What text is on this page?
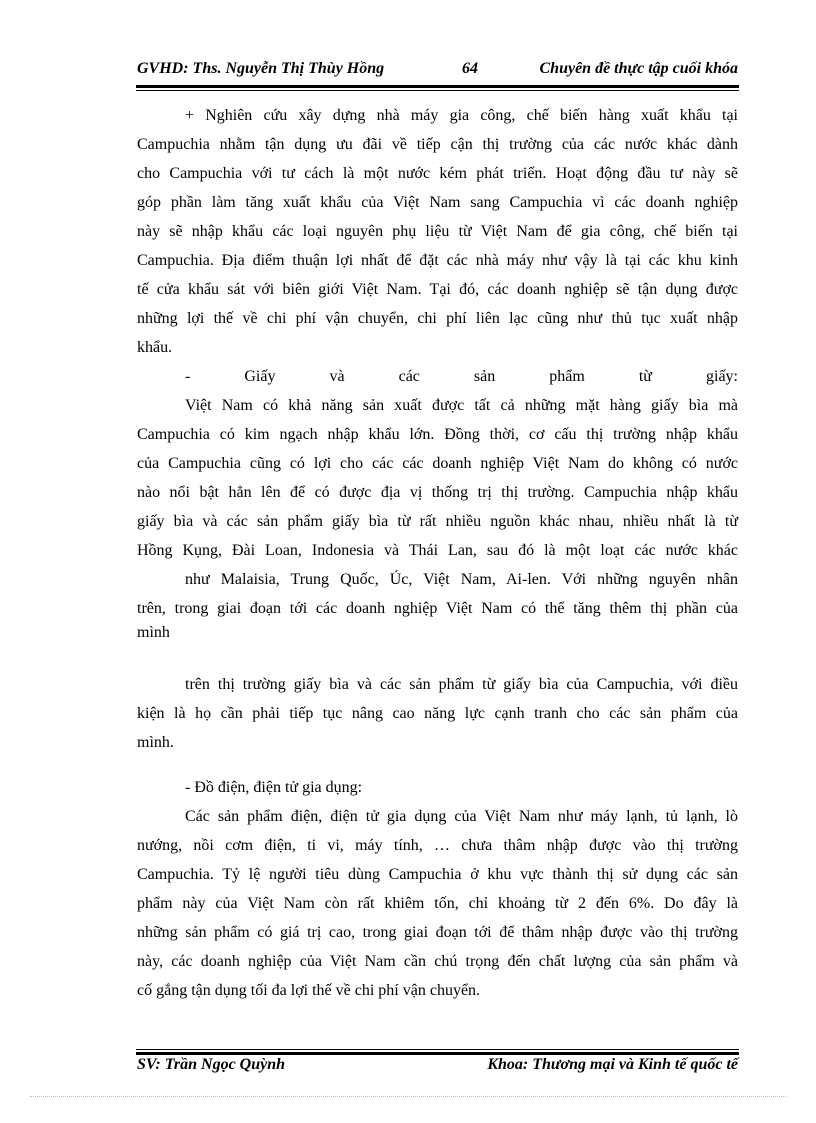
GVHD: Ths. Nguyễn Thị Thùy Hồng	64	Chuyên đề thực tập cuối khóa
+ Nghiên cứu xây dựng nhà máy gia công, chế biến hàng xuất khẩu tại
Campuchia nhằm tận dụng ưu đãi về tiếp cận thị trường của các nước khác dành
cho Campuchia với tư cách là một nước kém phát triển. Hoạt động đầu tư này sẽ
góp phần làm tăng xuất khẩu của Việt Nam sang Campuchia vì các doanh nghiệp
này sẽ nhập khẩu các loại nguyên phụ liệu từ Việt Nam để gia công, chế biến tại
Campuchia. Địa điểm thuận lợi nhất để đặt các nhà máy như vậy là tại các khu kinh
tế cửa khẩu sát với biên giới Việt Nam. Tại đó, các doanh nghiệp sẽ tận dụng được
những lợi thế về chi phí vận chuyển, chi phí liên lạc cũng như thủ tục xuất nhập
khẩu.
- Giấy và các sản phẩm từ giấy:
Việt Nam có khả năng sản xuất được tất cả những mặt hàng giấy bìa mà
Campuchia có kim ngạch nhập khẩu lớn. Đồng thời, cơ cấu thị trường nhập khẩu
của Campuchia cũng có lợi cho các các doanh nghiệp Việt Nam do không có nước
nào nổi bật hẳn lên để có được địa vị thống trị thị trường. Campuchia nhập khẩu
giấy bìa và các sản phẩm giấy bìa từ rất nhiều nguồn khác nhau, nhiều nhất là từ
Hồng Kụng, Đài Loan, Indonesia và Thái Lan, sau đó là một loạt các nước khác
như Malaisia, Trung Quốc, Úc, Việt Nam, Ai-len. Với những nguyên nhân
trên, trong giai đoạn tới các doanh nghiệp Việt Nam có thể tăng thêm thị phần của
mình
trên thị trường giấy bìa và các sản phẩm từ giấy bìa của Campuchia, với điều
kiện là họ cần phải tiếp tục nâng cao năng lực cạnh tranh cho các sản phẩm của
mình.
- Đồ điện, điện tử gia dụng:
Các sản phẩm điện, điện tử gia dụng của Việt Nam như máy lạnh, tủ lạnh, lò
nướng, nồi cơm điện, ti vi, máy tính, … chưa thâm nhập được vào thị trường
Campuchia. Tỷ lệ người tiêu dùng Campuchia ở khu vực thành thị sử dụng các sản
phẩm này của Việt Nam còn rất khiêm tốn, chỉ khoảng từ 2 đến 6%. Do đây là
những sản phẩm có giá trị cao, trong giai đoạn tới để thâm nhập được vào thị trường
này, các doanh nghiệp của Việt Nam cần chú trọng đến chất lượng của sản phẩm và
cố gắng tận dụng tối đa lợi thế về chi phí vận chuyển.
SV: Trần Ngọc Quỳnh	Khoa: Thương mại và Kinh tế quốc tế
